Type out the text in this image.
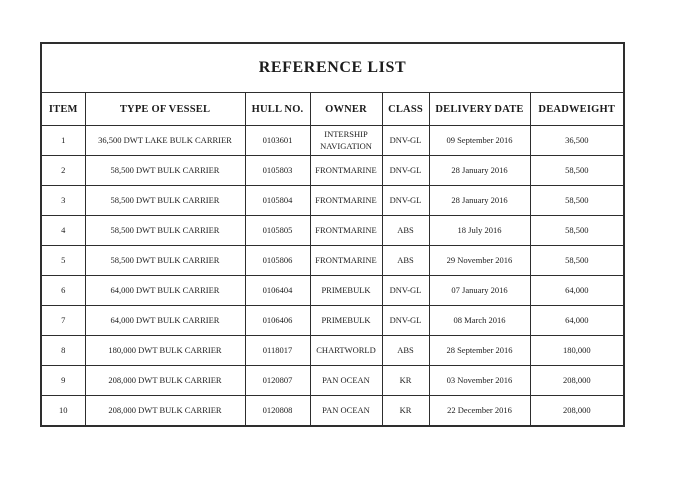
REFERENCE LIST						
ITEM	TYPE OF VESSEL	HULL NO.	OWNER	CLASS	DELIVERY DATE	DEADWEIGHT
1	36,500 DWT LAKE BULK CARRIER	0103601	INTERSHIP NAVIGATION	DNV-GL	09 September 2016	36,500
2	58,500 DWT BULK CARRIER	0105803	FRONTMARINE	DNV-GL	28 January 2016	58,500
3	58,500 DWT BULK CARRIER	0105804	FRONTMARINE	DNV-GL	28 January 2016	58,500
4	58,500 DWT BULK CARRIER	0105805	FRONTMARINE	ABS	18 July 2016	58,500
5	58,500 DWT BULK CARRIER	0105806	FRONTMARINE	ABS	29 November 2016	58,500
6	64,000 DWT BULK CARRIER	0106404	PRIMEBULK	DNV-GL	07 January 2016	64,000
7	64,000 DWT BULK CARRIER	0106406	PRIMEBULK	DNV-GL	08 March 2016	64,000
8	180,000 DWT BULK CARRIER	0118017	CHARTWORLD	ABS	28 September 2016	180,000
9	208,000 DWT BULK CARRIER	0120807	PAN OCEAN	KR	03 November 2016	208,000
10	208,000 DWT BULK CARRIER	0120808	PAN OCEAN	KR	22 December 2016	208,000
